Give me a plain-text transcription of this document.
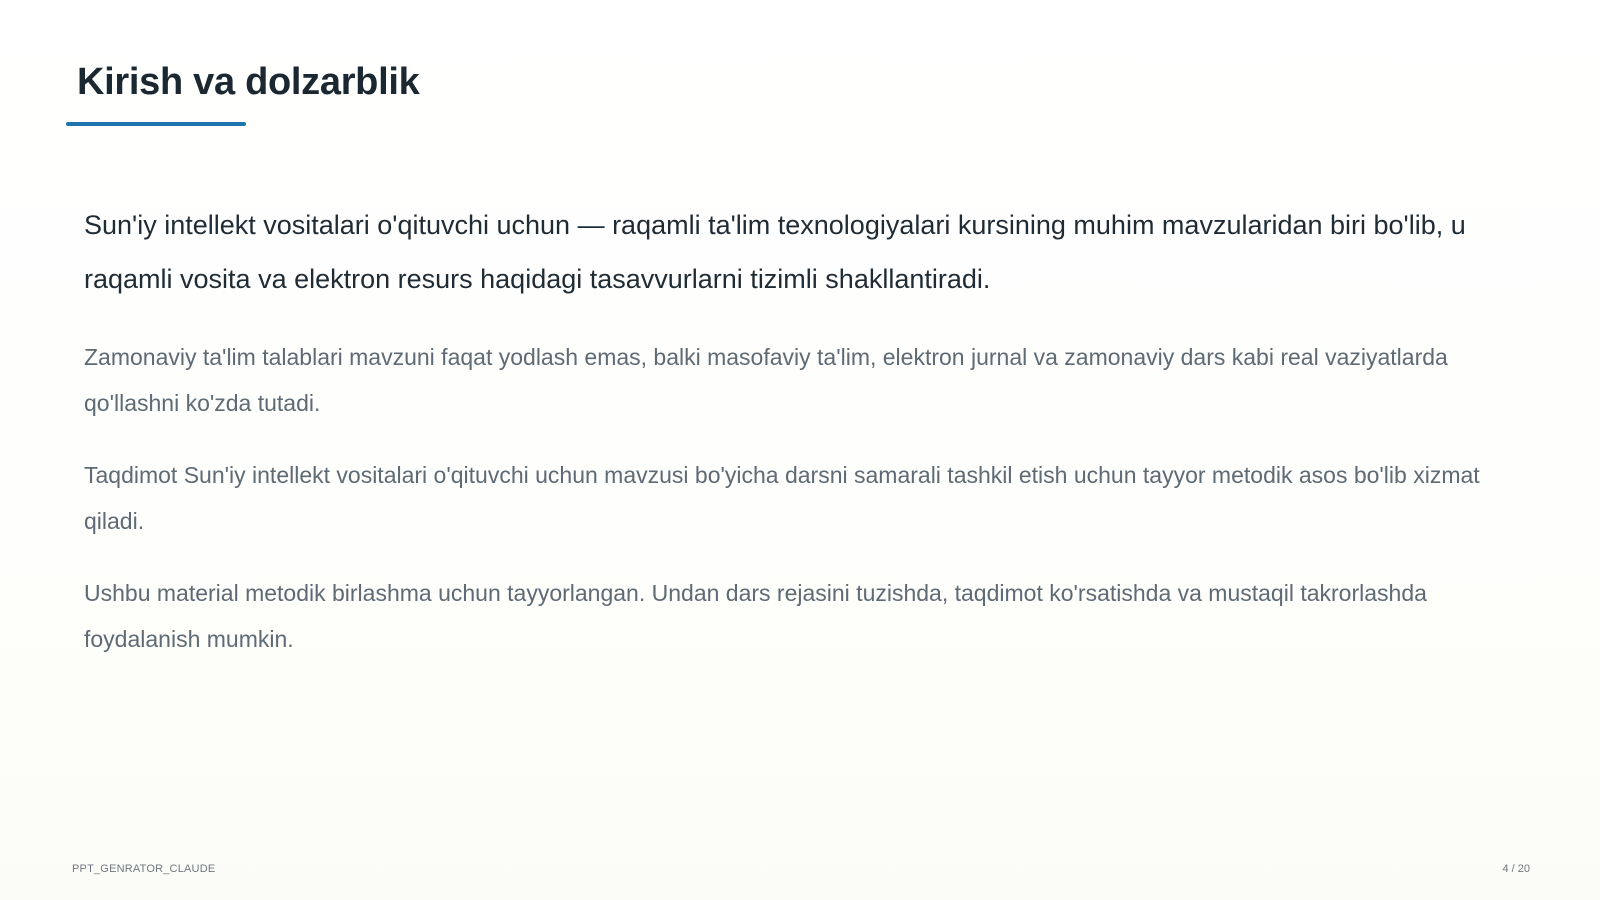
Kirish va dolzarblik

Sun'iy intellekt vositalari o'qituvchi uchun — raqamli ta'lim texnologiyalari kursining muhim mavzularidan biri bo'lib, u raqamli vosita va elektron resurs haqidagi tasavvurlarni tizimli shakllantiradi.

Zamonaviy ta'lim talablari mavzuni faqat yodlash emas, balki masofaviy ta'lim, elektron jurnal va zamonaviy dars kabi real vaziyatlarda qo'llashni ko'zda tutadi.

Taqdimot Sun'iy intellekt vositalari o'qituvchi uchun mavzusi bo'yicha darsni samarali tashkil etish uchun tayyor metodik asos bo'lib xizmat qiladi.

Ushbu material metodik birlashma uchun tayyorlangan. Undan dars rejasini tuzishda, taqdimot ko'rsatishda va mustaqil takrorlashda foydalanish mumkin.

PPT_GENRATOR_CLAUDE	4 / 20
